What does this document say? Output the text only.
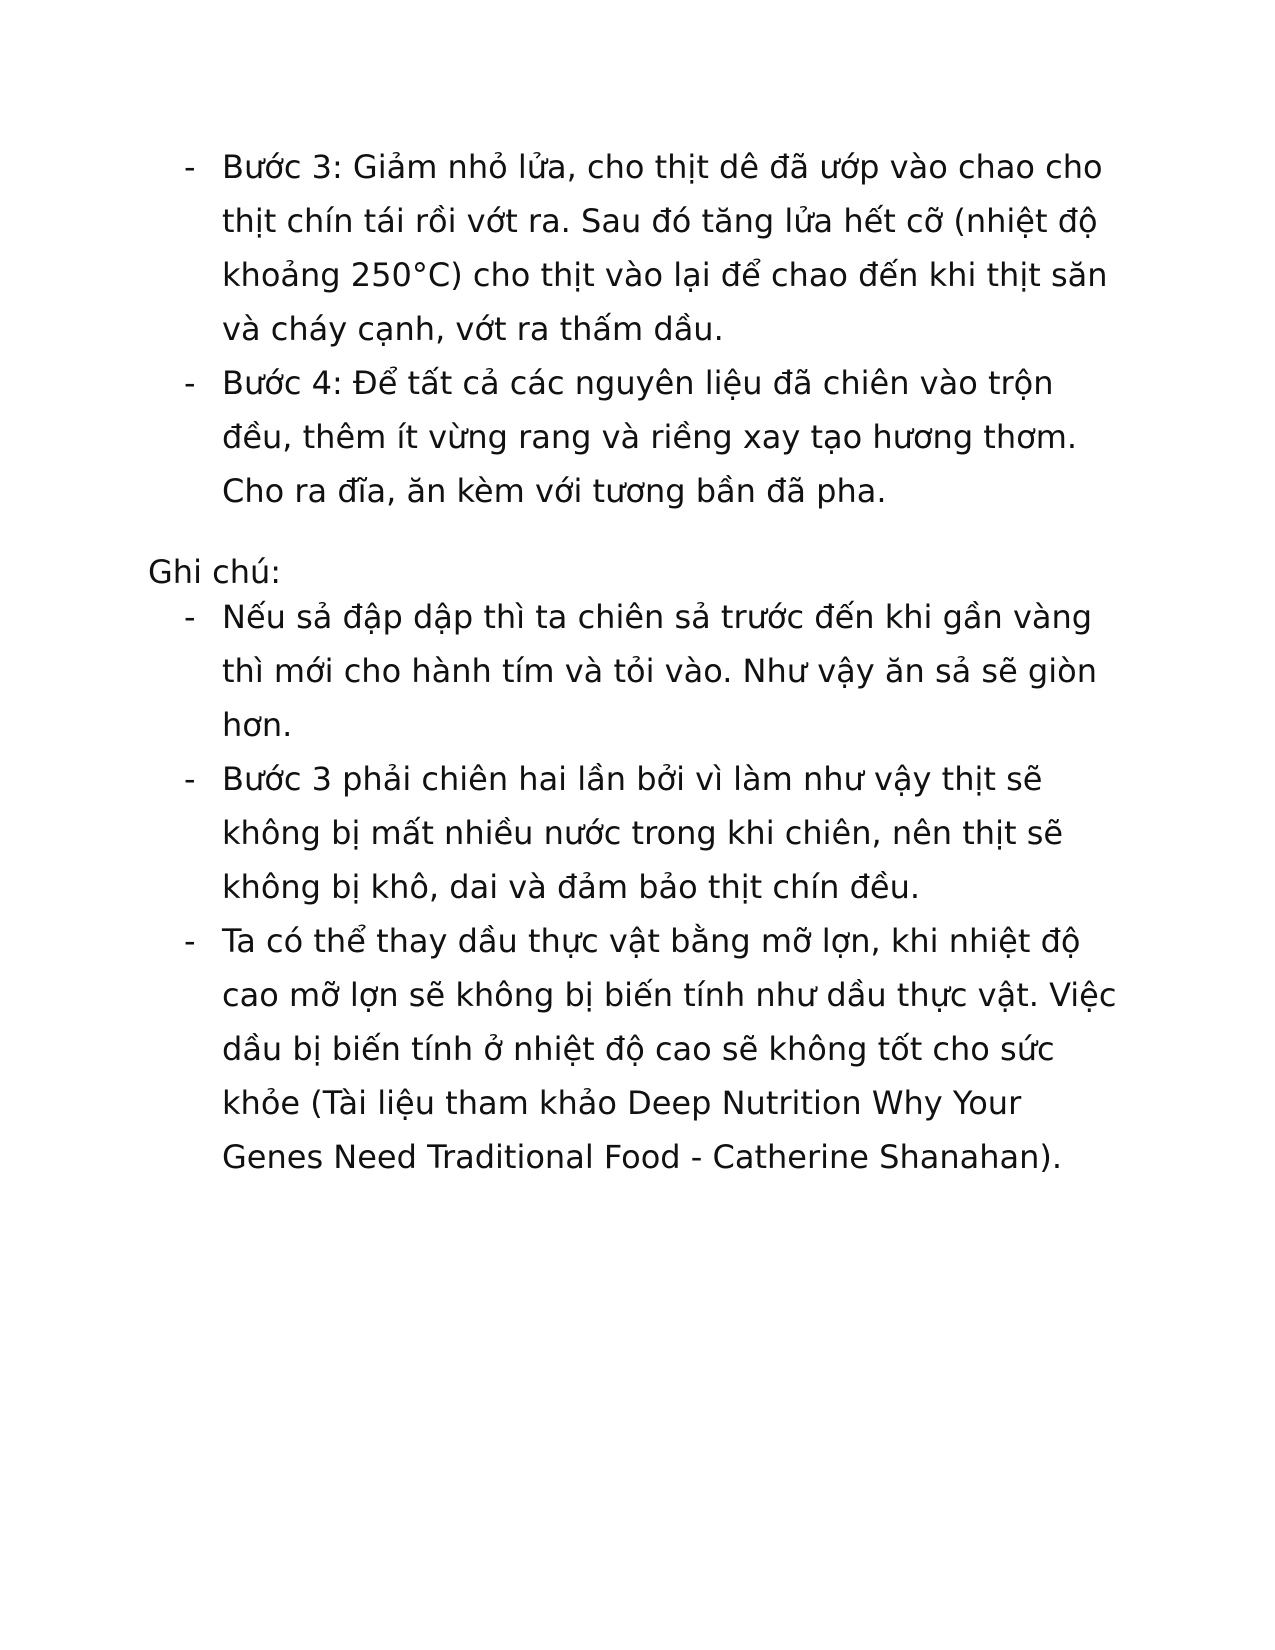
- Bước 3: Giảm nhỏ lửa, cho thịt dê đã ướp vào chao cho thịt chín tái rồi vớt ra. Sau đó tăng lửa hết cỡ (nhiệt độ khoảng 250°C) cho thịt vào lại để chao đến khi thịt săn và cháy cạnh, vớt ra thấm dầu.
- Bước 4: Để tất cả các nguyên liệu đã chiên vào trộn đều, thêm ít vừng rang và riềng xay tạo hương thơm. Cho ra đĩa, ăn kèm với tương bần đã pha.

Ghi chú:

- Nếu sả đập dập thì ta chiên sả trước đến khi gần vàng thì mới cho hành tím và tỏi vào. Như vậy ăn sả sẽ giòn hơn.
- Bước 3 phải chiên hai lần bởi vì làm như vậy thịt sẽ không bị mất nhiều nước trong khi chiên, nên thịt sẽ không bị khô, dai và đảm bảo thịt chín đều.
- Ta có thể thay dầu thực vật bằng mỡ lợn, khi nhiệt độ cao mỡ lợn sẽ không bị biến tính như dầu thực vật. Việc dầu bị biến tính ở nhiệt độ cao sẽ không tốt cho sức khỏe (Tài liệu tham khảo Deep Nutrition Why Your Genes Need Traditional Food - Catherine Shanahan).
